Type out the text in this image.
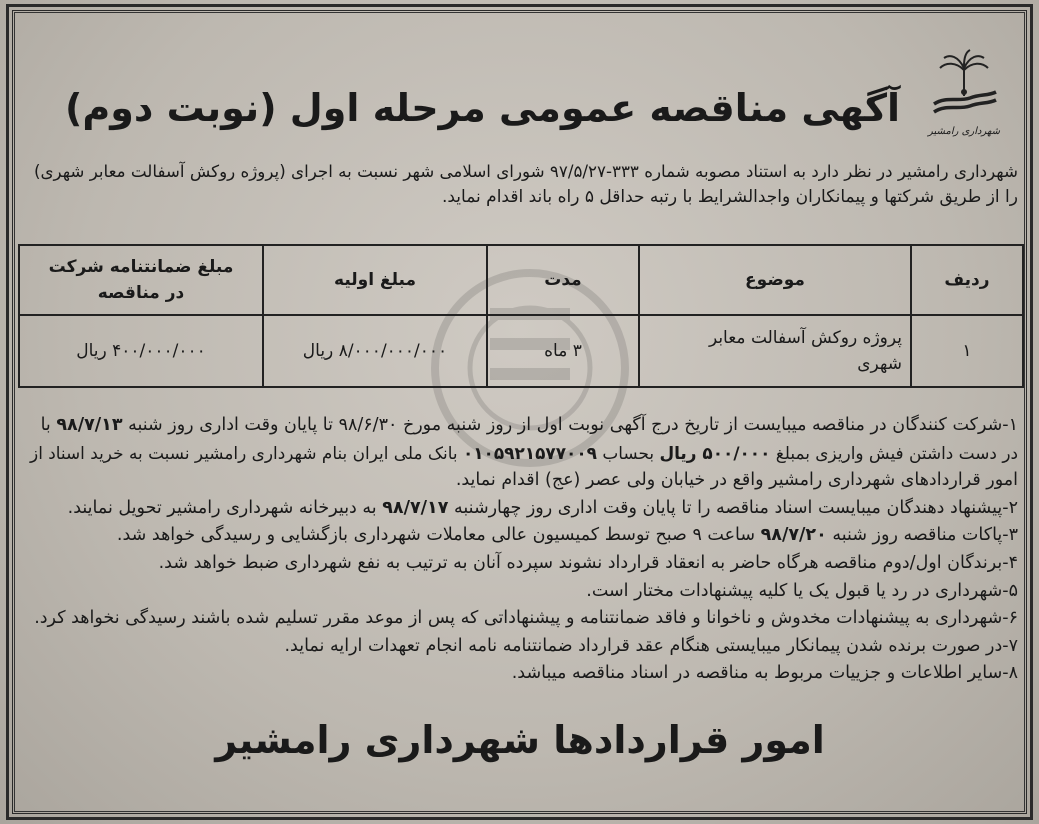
شهرداری رامشیر
آگهی مناقصه عمومی مرحله اول (نوبت دوم)

شهرداری رامشیر در نظر دارد به استناد مصوبه شماره ۳۳۳-۹۷/۵/۲۷ شورای اسلامی شهر نسبت به اجرای (پروژه روکش آسفالت معابر شهری)

را از طریق شرکتها و پیمانکاران واجدالشرایط با رتبه حداقل ۵ راه باند اقدام نماید.

ردیف	موضوع	مدت	مبلغ اولیه	مبلغ ضمانتنامه شرکت
در مناقصه

۱	پروژه روکش آسفالت معابر
شهری	۳ ماه	۸/۰۰۰/۰۰۰/۰۰۰ ریال	۴۰۰/۰۰۰/۰۰۰ ریال

۱-شرکت کنندگان در مناقصه میبایست از تاریخ درج آگهی نوبت اول از روز شنبه مورخ ۹۸/۶/۳۰ تا پایان وقت اداری روز شنبه ۹۸/۷/۱۳ با

در دست داشتن فیش واریزی بمبلغ ۵۰۰/۰۰۰ ریال بحساب ۰۱۰۵۹۲۱۵۷۷۰۰۹ بانک ملی ایران بنام شهرداری رامشیر نسبت به خرید اسناد از

امور قراردادهای شهرداری رامشیر واقع در خیابان ولی عصر (عج) اقدام نماید.

۲-پیشنهاد دهندگان میبایست اسناد مناقصه را تا پایان وقت اداری روز چهارشنبه ۹۸/۷/۱۷ به دبیرخانه شهرداری رامشیر تحویل نمایند.

۳-پاکات مناقصه روز شنبه ۹۸/۷/۲۰ ساعت ۹ صبح توسط کمیسیون عالی معاملات شهرداری بازگشایی و رسیدگی خواهد شد.

۴-برندگان اول/دوم مناقصه هرگاه حاضر به انعقاد قرارداد نشوند سپرده آنان به ترتیب به نفع شهرداری ضبط خواهد شد.

۵-شهرداری در رد یا قبول یک یا کلیه پیشنهادات مختار است.

۶-شهرداری به پیشنهادات مخدوش و ناخوانا و فاقد ضمانتنامه و پیشنهاداتی که پس از موعد مقرر تسلیم شده باشند رسیدگی نخواهد کرد.

۷-در صورت برنده شدن پیمانکار میبایستی هنگام عقد قرارداد ضمانتنامه نامه انجام تعهدات ارایه نماید.

۸-سایر اطلاعات و جزییات مربوط به مناقصه در اسناد مناقصه میباشد.

امور قراردادها شهرداری رامشیر
